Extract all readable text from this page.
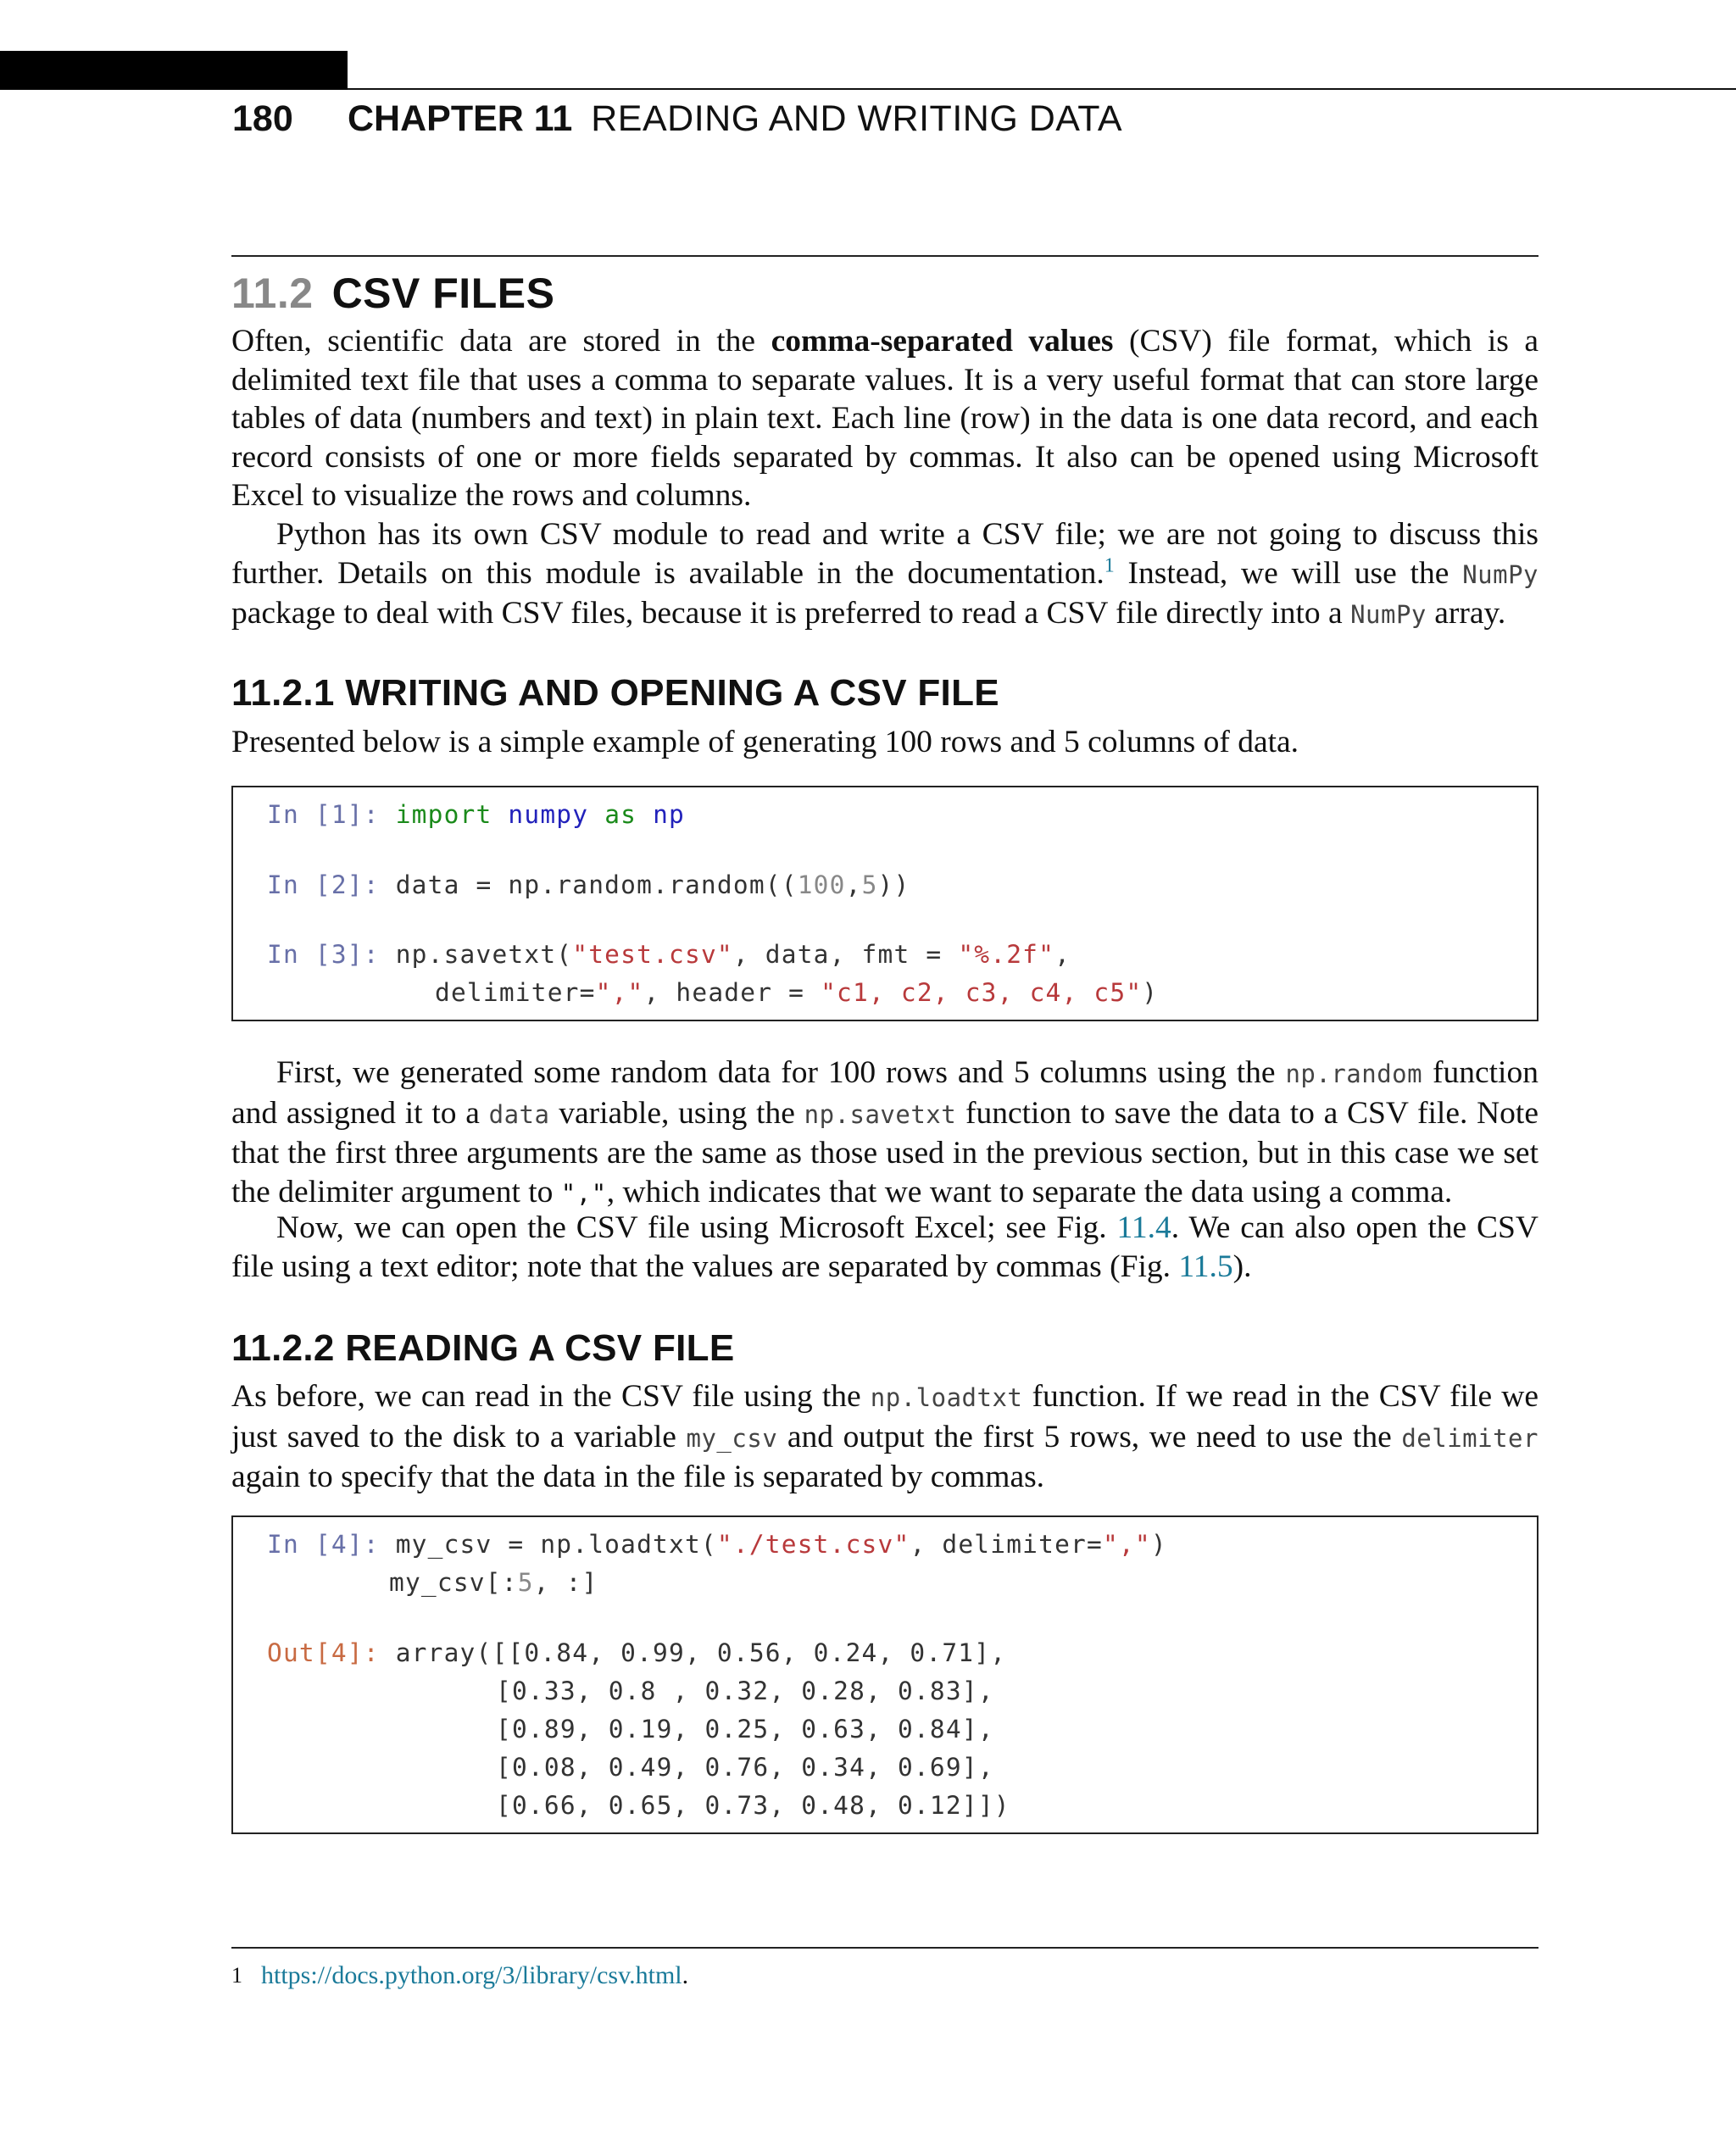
180	CHAPTER 11 READING AND WRITING DATA
11.2 CSV FILES
Often, scientific data are stored in the comma-separated values (CSV) file format, which is a delimited text file that uses a comma to separate values. It is a very useful format that can store large tables of data (numbers and text) in plain text. Each line (row) in the data is one data record, and each record consists of one or more fields separated by commas. It also can be opened using Microsoft Excel to visualize the rows and columns.
Python has its own CSV module to read and write a CSV file; we are not going to discuss this further. Details on this module is available in the documentation.$^1$ Instead, we will use the NumPy package to deal with CSV files, because it is preferred to read a CSV file directly into a NumPy array.
11.2.1 WRITING AND OPENING A CSV FILE
Presented below is a simple example of generating 100 rows and 5 columns of data.
In [1]: import numpy as np
In [2]: data = np.random.random((100,5))
In [3]: np.savetxt("test.csv", data, fmt = "%.2f",
delimiter=",", header = "c1, c2, c3, c4, c5")
First, we generated some random data for 100 rows and 5 columns using the np.random function and assigned it to a data variable, using the np.savetxt function to save the data to a CSV file. Note that the first three arguments are the same as those used in the previous section, but in this case we set the delimiter argument to ",", which indicates that we want to separate the data using a comma.
Now, we can open the CSV file using Microsoft Excel; see Fig. 11.4. We can also open the CSV file using a text editor; note that the values are separated by commas (Fig. 11.5).
11.2.2 READING A CSV FILE
As before, we can read in the CSV file using the np.loadtxt function. If we read in the CSV file we just saved to the disk to a variable my_csv and output the first 5 rows, we need to use the delimiter again to specify that the data in the file is separated by commas.
In [4]: my_csv = np.loadtxt("./test.csv", delimiter=",")
my_csv[:5, :]
Out[4]: array([[0.84, 0.99, 0.56, 0.24, 0.71],
[0.33, 0.8 , 0.32, 0.28, 0.83],
[0.89, 0.19, 0.25, 0.63, 0.84],
[0.08, 0.49, 0.76, 0.34, 0.69],
[0.66, 0.65, 0.73, 0.48, 0.12]])
1 https://docs.python.org/3/library/csv.html.
